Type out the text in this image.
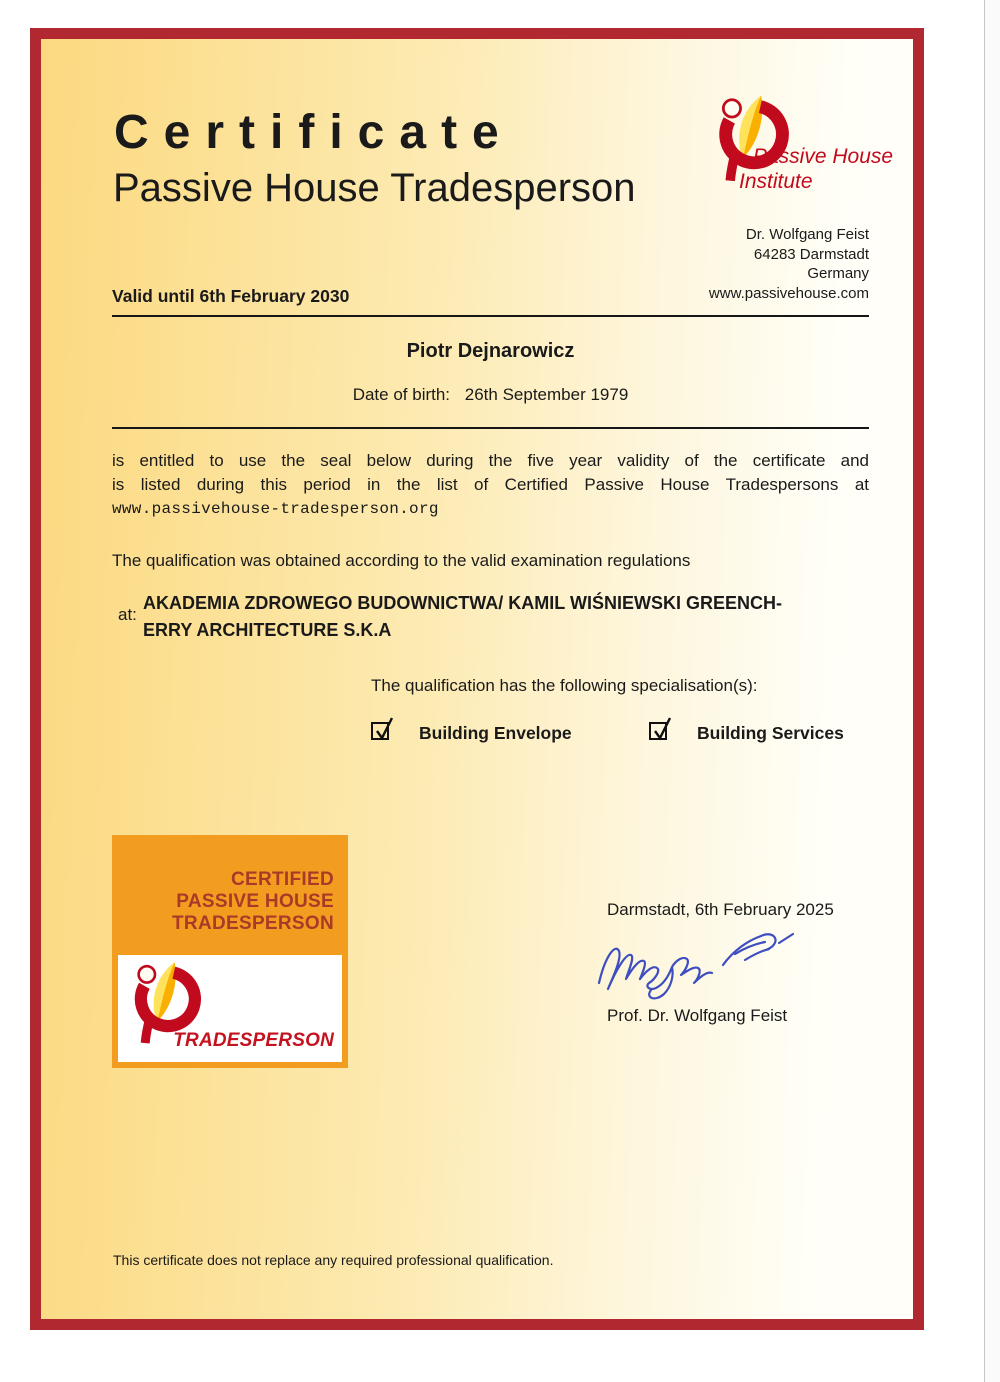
Certificate
Passive House Tradesperson
Passive House
Institute
Dr. Wolfgang Feist
64283 Darmstadt
Germany
www.passivehouse.com
Valid until 6th February 2030
Piotr Dejnarowicz
Date of birth: 26th September 1979
is entitled to use the seal below during the five year validity of the certificate and
is listed during this period in the list of Certified Passive House Tradespersons at
www.passivehouse-tradesperson.org
The qualification was obtained according to the valid examination regulations
at:
AKADEMIA ZDROWEGO BUDOWNICTWA/ KAMIL WIŚNIEWSKI GREENCH-
ERRY ARCHITECTURE S.K.A
The qualification has the following specialisation(s):
Building Envelope	Building Services
CERTIFIED
PASSIVE HOUSE
TRADESPERSON
TRADESPERSON
Darmstadt, 6th February 2025
Prof. Dr. Wolfgang Feist
This certificate does not replace any required professional qualification.
